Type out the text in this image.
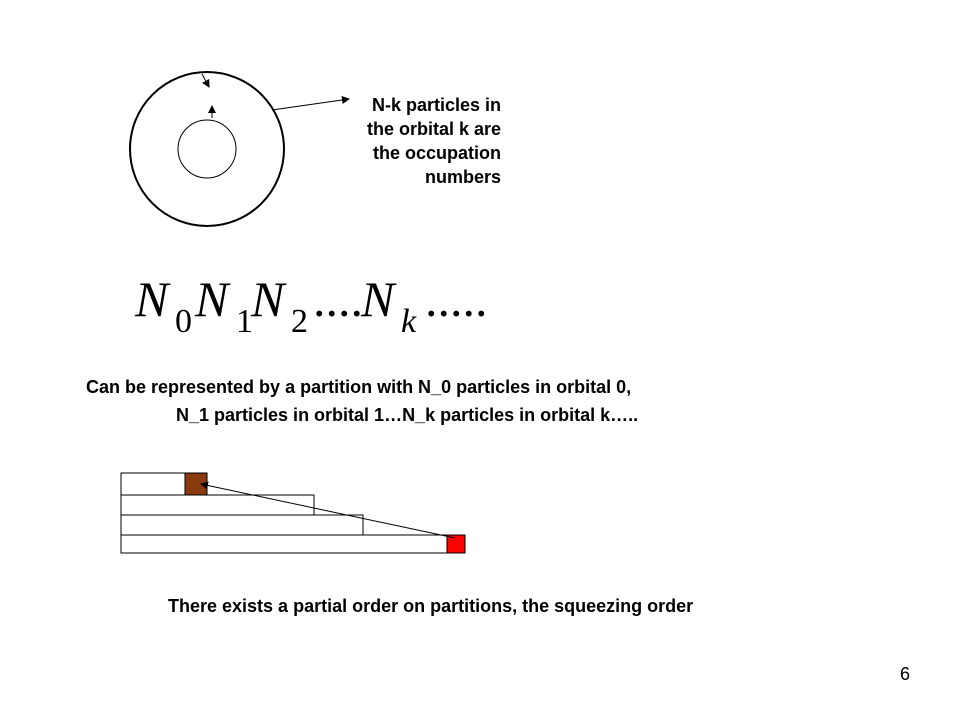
N-k particles in
the orbital k are
the occupation
numbers
N 0 N 1
N 2 ....
N k .....
Can be represented by a partition with N_0 particles in orbital 0,
N_1 particles in orbital 1…N_k particles in orbital k…..
There exists a partial order on partitions, the squeezing order
6
